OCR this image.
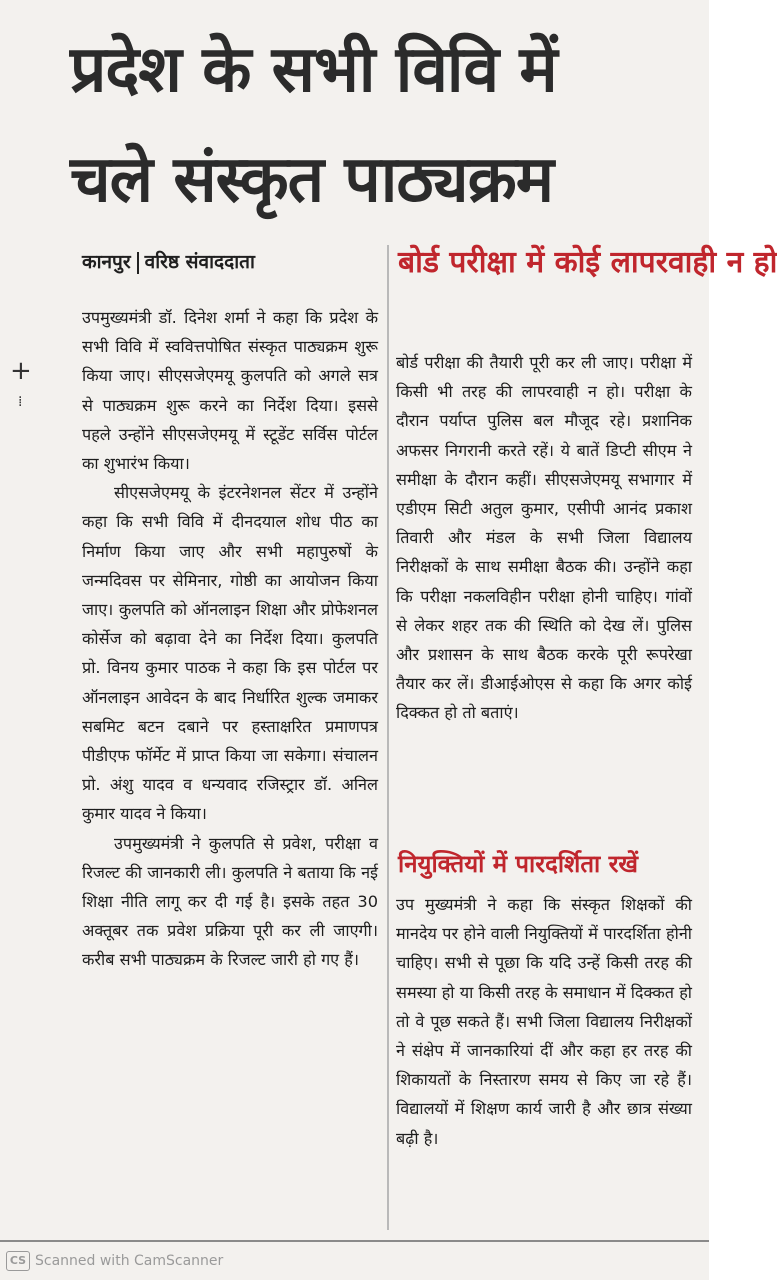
प्रदेश के सभी विवि में
चले संस्कृत पाठ्यक्रम
+
⁞
कानपुर वरिष्ठ संवाददाता

उपमुख्यमंत्री डॉ. दिनेश शर्मा ने कहा कि प्रदेश के सभी विवि में स्ववित्तपोषित संस्कृत पाठ्यक्रम शुरू किया जाए। सीएसजेएमयू कुलपति को अगले सत्र से पाठ्यक्रम शुरू करने का निर्देश दिया। इससे पहले उन्होंने सीएसजेएमयू में स्टूडेंट सर्विस पोर्टल का शुभारंभ किया।

सीएसजेएमयू के इंटरनेशनल सेंटर में उन्होंने कहा कि सभी विवि में दीनदयाल शोध पीठ का निर्माण किया जाए और सभी महापुरुषों के जन्मदिवस पर सेमिनार, गोष्ठी का आयोजन किया जाए। कुलपति को ऑनलाइन शिक्षा और प्रोफेशनल कोर्सेज को बढ़ावा देने का निर्देश दिया। कुलपति प्रो. विनय कुमार पाठक ने कहा कि इस पोर्टल पर ऑनलाइन आवेदन के बाद निर्धारित शुल्क जमाकर सबमिट बटन दबाने पर हस्ताक्षरित प्रमाणपत्र पीडीएफ फॉर्मेट में प्राप्त किया जा सकेगा। संचालन प्रो. अंशु यादव व धन्यवाद रजिस्ट्रार डॉ. अनिल कुमार यादव ने किया।

उपमुख्यमंत्री ने कुलपति से प्रवेश, परीक्षा व रिजल्ट की जानकारी ली। कुलपति ने बताया कि नई शिक्षा नीति लागू कर दी गई है। इसके तहत 30 अक्तूबर तक प्रवेश प्रक्रिया पूरी कर ली जाएगी। करीब सभी पाठ्यक्रम के रिजल्ट जारी हो गए हैं।

बोर्ड परीक्षा में कोई लापरवाही न हो

बोर्ड परीक्षा की तैयारी पूरी कर ली जाए। परीक्षा में किसी भी तरह की लापरवाही न हो। परीक्षा के दौरान पर्याप्त पुलिस बल मौजूद रहे। प्रशानिक अफसर निगरानी करते रहें। ये बातें डिप्टी सीएम ने समीक्षा के दौरान कहीं। सीएसजेएमयू सभागार में एडीएम सिटी अतुल कुमार, एसीपी आनंद प्रकाश तिवारी और मंडल के सभी जिला विद्यालय निरीक्षकों के साथ समीक्षा बैठक की। उन्होंने कहा कि परीक्षा नकलविहीन परीक्षा होनी चाहिए। गांवों से लेकर शहर तक की स्थिति को देख लें। पुलिस और प्रशासन के साथ बैठक करके पूरी रूपरेखा तैयार कर लें। डीआईओएस से कहा कि अगर कोई दिक्कत हो तो बताएं।

नियुक्तियों में पारदर्शिता रखें

उप मुख्यमंत्री ने कहा कि संस्कृत शिक्षकों की मानदेय पर होने वाली नियुक्तियों में पारदर्शिता होनी चाहिए। सभी से पूछा कि यदि उन्हें किसी तरह की समस्या हो या किसी तरह के समाधान में दिक्कत हो तो वे पूछ सकते हैं। सभी जिला विद्यालय निरीक्षकों ने संक्षेप में जानकारियां दीं और कहा हर तरह की शिकायतों के निस्तारण समय से किए जा रहे हैं। विद्यालयों में शिक्षण कार्य जारी है और छात्र संख्या बढ़ी है।

CS Scanned with CamScanner
